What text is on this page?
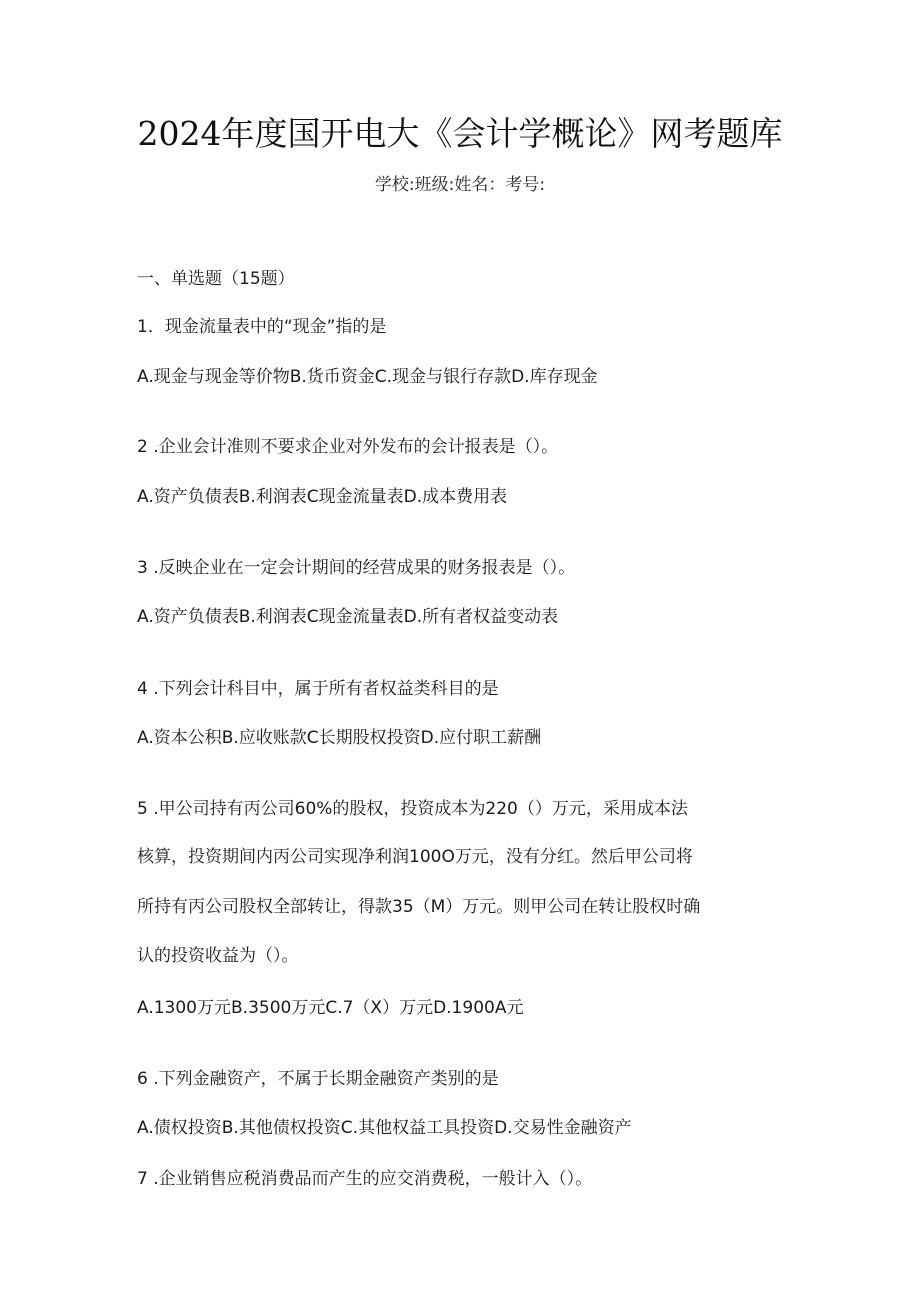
2024年度国开电大《会计学概论》网考题库
学校:班级:姓名：考号:
一、单选题（15题）
1．现金流量表中的“现金”指的是
A.现金与现金等价物B.货币资金C.现金与银行存款D.库存现金
2 .企业会计准则不要求企业对外发布的会计报表是（）。
A.资产负债表B.利润表C现金流量表D.成本费用表
3 .反映企业在一定会计期间的经营成果的财务报表是（）。
A.资产负债表B.利润表C现金流量表D.所有者权益变动表
4 .下列会计科目中，属于所有者权益类科目的是
A.资本公积B.应收账款C长期股权投资D.应付职工薪酬
5 .甲公司持有丙公司60%的股权，投资成本为220（）万元，采用成本法
核算，投资期间内丙公司实现净利润100O万元，没有分红。然后甲公司将
所持有丙公司股权全部转让，得款35（M）万元。则甲公司在转让股权时确
认的投资收益为（）。
A.1300万元B.3500万元C.7（X）万元D.1900A元
6 .下列金融资产，不属于长期金融资产类别的是
A.债权投资B.其他债权投资C.其他权益工具投资D.交易性金融资产
7 .企业销售应税消费品而产生的应交消费税，一般计入（）。
